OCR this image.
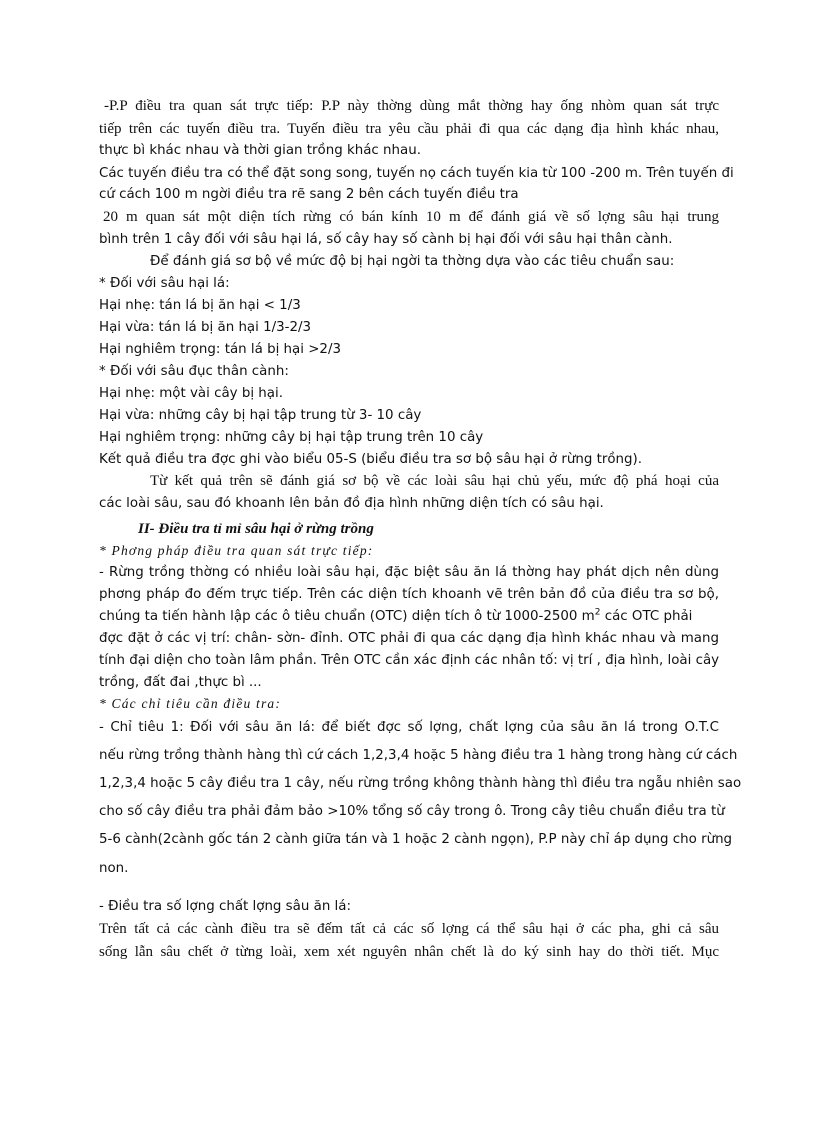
-P.P điều tra quan sát trực tiếp: P.P này thờng dùng mắt thờng hay ống nhòm quan sát trực
tiếp trên các tuyến điều tra. Tuyến điều tra yêu cầu phải đi qua các dạng địa hình khác nhau,
thực bì khác nhau và thời gian trồng khác nhau.
Các tuyến điều tra có thể đặt song song, tuyến nọ cách tuyến kia từ 100 -200 m. Trên tuyến đi
cứ cách 100 m ngời điều tra rẽ sang 2 bên cách tuyến điều tra
20 m quan sát một diện tích rừng có bán kính 10 m để đánh giá về số lợng sâu hại trung
bình trên 1 cây đối với sâu hại lá, số cây hay số cành bị hại đối với sâu hại thân cành.
Để đánh giá sơ bộ về mức độ bị hại ngời ta thờng dựa vào các tiêu chuẩn sau:
* Đối với sâu hại lá:
Hại nhẹ: tán lá bị ăn hại < 1/3
Hại vừa: tán lá bị ăn hại 1/3-2/3
Hại nghiêm trọng: tán lá bị hại >2/3
* Đối với sâu đục thân cành:
Hại nhẹ: một vài cây bị hại.
Hại vừa: những cây bị hại tập trung từ 3- 10 cây
Hại nghiêm trọng: những cây bị hại tập trung trên 10 cây
Kết quả điều tra đợc ghi vào biểu 05-S (biểu điều tra sơ bộ sâu hại ở rừng trồng).
Từ kết quả trên sẽ đánh giá sơ bộ về các loài sâu hại chủ yếu, mức độ phá hoại của
các loài sâu, sau đó khoanh lên bản đồ địa hình những diện tích có sâu hại.
II- Điều tra tỉ mỉ sâu hại ở rừng trồng
* Phơng pháp điều tra quan sát trực tiếp:
- Rừng trồng thờng có nhiều loài sâu hại, đặc biệt sâu ăn lá thờng hay phát dịch nên dùng
phơng pháp đo đếm trực tiếp. Trên các diện tích khoanh vẽ trên bản đồ của điều tra sơ bộ,
chúng ta tiến hành lập các ô tiêu chuẩn (OTC) diện tích ô từ 1000-2500 $m^2$ các OTC phải
đợc đặt ở các vị trí: chân- sờn- đỉnh. OTC phải đi qua các dạng địa hình khác nhau và mang
tính đại diện cho toàn lâm phần. Trên OTC cần xác định các nhân tố: vị trí , địa hình, loài cây
trồng, đất đai ,thực bì ...
* Các chỉ tiêu cần điều tra:
- Chỉ tiêu 1: Đối với sâu ăn lá: để biết đợc số lợng, chất lợng của sâu ăn lá trong O.T.C
nếu rừng trồng thành hàng thì cứ cách 1,2,3,4 hoặc 5 hàng điều tra 1 hàng trong hàng cứ cách
1,2,3,4 hoặc 5 cây điều tra 1 cây, nếu rừng trồng không thành hàng thì điều tra ngẫu nhiên sao
cho số cây điều tra phải đảm bảo >10% tổng số cây trong ô. Trong cây tiêu chuẩn điều tra từ
5-6 cành(2cành gốc tán 2 cành giữa tán và 1 hoặc 2 cành ngọn), P.P này chỉ áp dụng cho rừng
non.
- Điều tra số lợng chất lợng sâu ăn lá:
Trên tất cả các cành điều tra sẽ đếm tất cả các số lợng cá thể sâu hại ở các pha, ghi cả sâu
sống lẫn sâu chết ở từng loài, xem xét nguyên nhân chết là do ký sinh hay do thời tiết. Mục
